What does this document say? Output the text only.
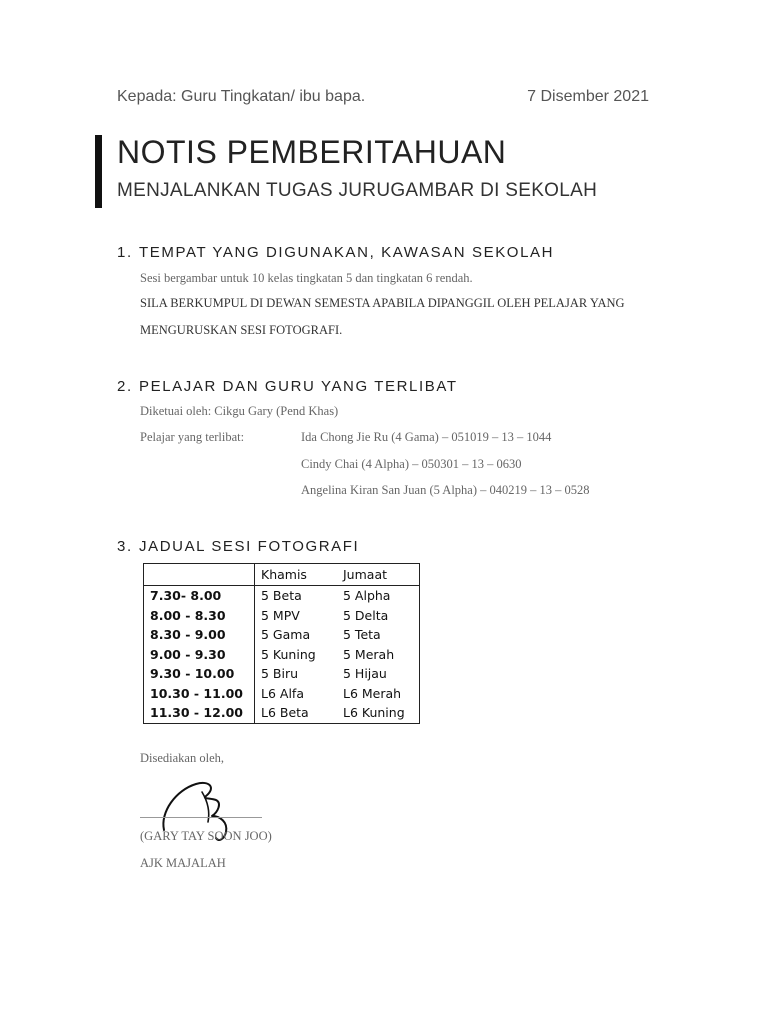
Kepada: Guru Tingkatan/ ibu bapa.	7 Disember 2021
NOTIS PEMBERITAHUAN
MENJALANKAN TUGAS JURUGAMBAR DI SEKOLAH
1. TEMPAT YANG DIGUNAKAN, KAWASAN SEKOLAH
Sesi bergambar untuk 10 kelas tingkatan 5 dan tingkatan 6 rendah.
SILA BERKUMPUL DI DEWAN SEMESTA APABILA DIPANGGIL OLEH PELAJAR YANG
MENGURUSKAN SESI FOTOGRAFI.
2. PELAJAR DAN GURU YANG TERLIBAT
Diketuai oleh: Cikgu Gary (Pend Khas)
Pelajar yang terlibat:	Ida Chong Jie Ru (4 Gama) – 051019 – 13 – 1044
Cindy Chai (4 Alpha) – 050301 – 13 – 0630
Angelina Kiran San Juan (5 Alpha) – 040219 – 13 – 0528
3. JADUAL SESI FOTOGRAFI
	Khamis	Jumaat
7.30- 8.00	5 Beta	5 Alpha
8.00 - 8.30	5 MPV	5 Delta
8.30 - 9.00	5 Gama	5 Teta
9.00 - 9.30	5 Kuning	5 Merah
9.30 - 10.00	5 Biru	5 Hijau
10.30 - 11.00	L6 Alfa	L6 Merah
11.30 - 12.00	L6 Beta	L6 Kuning
Disediakan oleh,
(GARY TAY SOON JOO)
AJK MAJALAH
